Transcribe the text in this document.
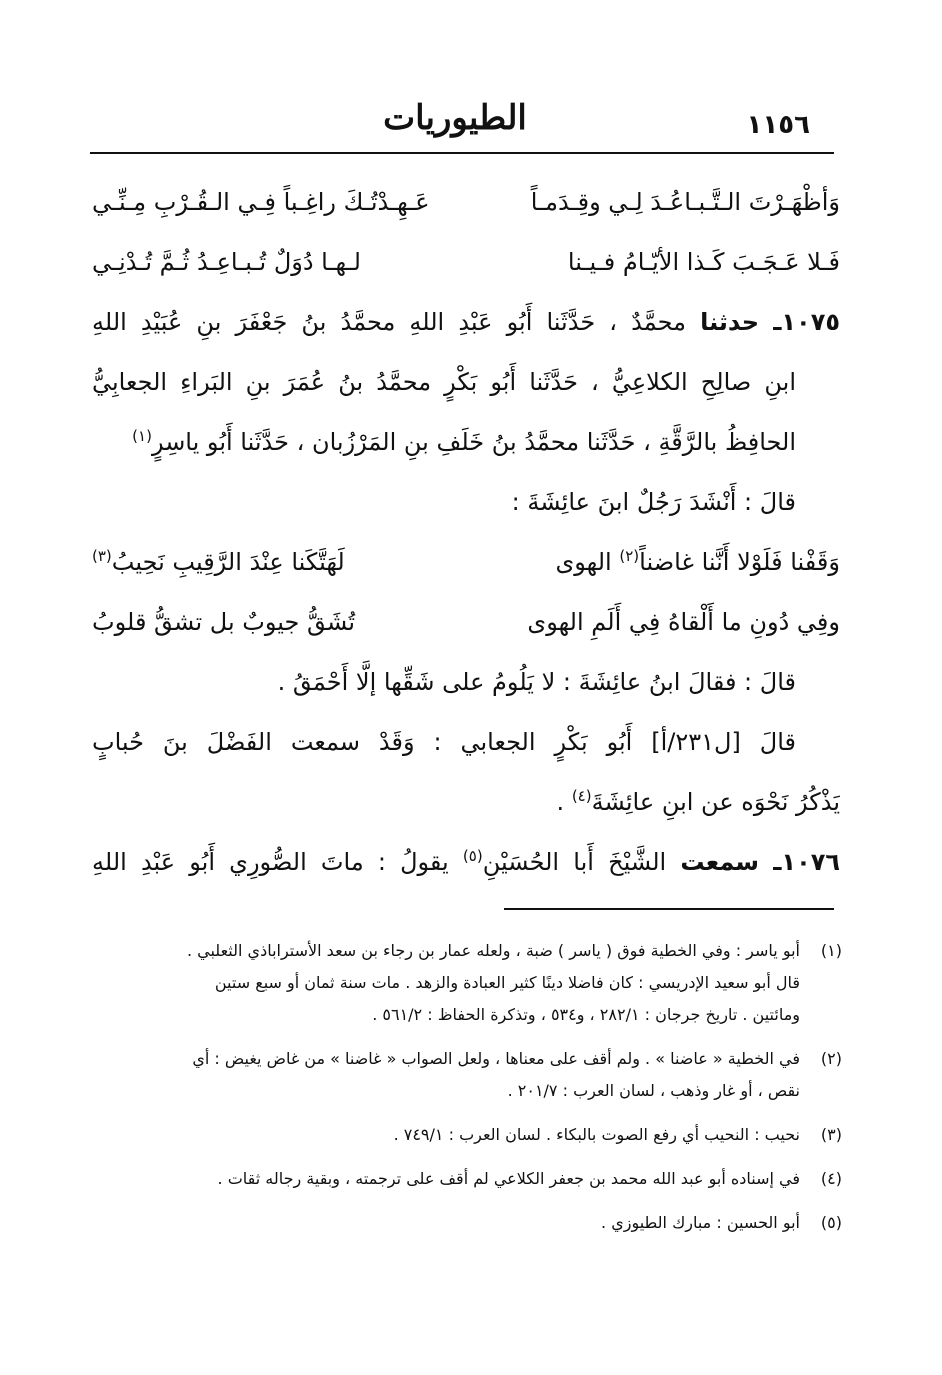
الطيوريات	١١٥٦
وَأظْهَـرْتَ الـتَّـبـاعُـدَ لِـي وقِـدَمـاً
عَـهِـدْتُـكَ راغِـباً فِـي الـقُـرْبِ مِـنِّـي
فَـلا عَـجَـبَ كَـذا الأيّـامُ فـيـنا
لـهـا دُوَلٌ تُـبـاعِـدُ ثُـمَّ تُـدْنِـي
١٠٧٥ـ حدثنا محمَّدٌ ، حَدَّثَنا أَبُو عَبْدِ اللهِ محمَّدُ بنُ جَعْفَرَ بنِ عُبَيْدِ اللهِ
ابنِ صالِحِ الكلاعِيُّ ، حَدَّثَنا أَبُو بَكْرٍ محمَّدُ بنُ عُمَرَ بنِ البَراءِ الجعابِيُّ
الحافِظُ بالرَّقَّةِ ، حَدَّثَنا محمَّدُ بنُ خَلَفِ بنِ المَرْزُبان ، حَدَّثَنا أَبُو ياسِرٍ$^{(١)}$
قالَ : أَنْشَدَ رَجُلٌ ابنَ عائِشَةَ :
وَقَفْنا فَلَوْلا أَنَّنا غاضناً(٢) الهوى
لَهَتَّكَنا عِنْدَ الرَّقِيبِ نَحِيبُ(٣)
وفِي دُونِ ما أَلْقاهُ فِي أَلَمِ الهوى
تُشَقُّ جيوبٌ بل تشقُّ قلوبُ
قالَ : فقالَ ابنُ عائِشَةَ : لا يَلُومُ على شَقِّها إلَّا أَحْمَقُ .
قالَ [ل٢٣١/أ] أَبُو بَكْرٍ الجعابي : وَقَدْ سمعت الفَضْلَ بنَ حُبابٍ
يَذْكُرُ نَحْوَه عن ابنِ عائِشَةَ$^{(٤)}$ .
١٠٧٦ـ سمعت الشَّيْخَ أَبا الحُسَيْنِ$^{(٥)}$ يقولُ : ماتَ الصُّورِي أَبُو عَبْدِ اللهِ
(١)
أبو ياسر : وفي الخطية فوق ( ياسر ) ضبة ، ولعله عمار بن رجاء بن سعد الأستراباذي الثعلبي .
قال أبو سعيد الإدريسي : كان فاضلا دينًا كثير العبادة والزهد . مات سنة ثمان أو سبع ستين
ومائتين . تاريخ جرجان : ٢٨٢/١ ، و٥٣٤ ، وتذكرة الحفاظ : ٥٦١/٢ .
(٢)
في الخطية « عاضنا » . ولم أقف على معناها ، ولعل الصواب « غاضنا » من غاض يغيض : أي
نقص ، أو غار وذهب ، لسان العرب : ٢٠١/٧ .
(٣)
نحيب : النحيب أي رفع الصوت بالبكاء . لسان العرب : ٧٤٩/١ .
(٤)
في إسناده أبو عبد الله محمد بن جعفر الكلاعي لم أقف على ترجمته ، وبقية رجاله ثقات .
(٥)
أبو الحسين : مبارك الطيوزي .
